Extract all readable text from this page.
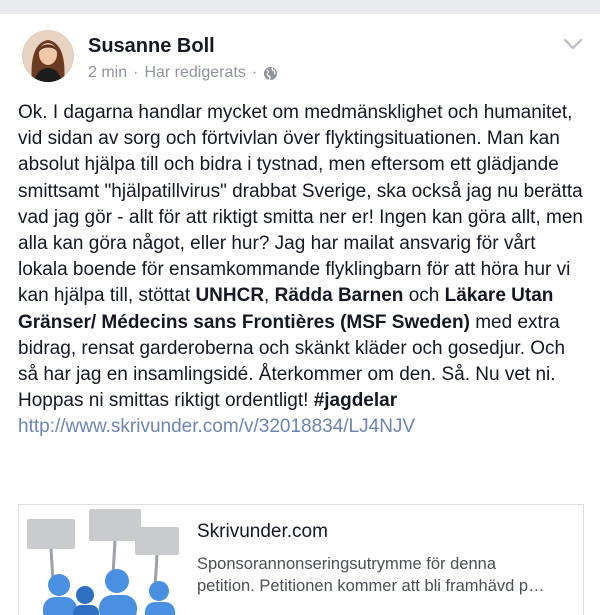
Susanne Boll
2 min · Har redigerats ·
Ok. I dagarna handlar mycket om medmänsklighet och humanitet, vid sidan av sorg och förtvivlan över flyktingsituationen. Man kan absolut hjälpa till och bidra i tystnad, men eftersom ett glädjande smittsamt "hjälpatillvirus" drabbat Sverige, ska också jag nu berätta vad jag gör - allt för att riktigt smitta ner er! Ingen kan göra allt, men alla kan göra något, eller hur? Jag har mailat ansvarig för vårt lokala boende för ensamkommande flyklingbarn för att höra hur vi kan hjälpa till, stöttat UNHCR, Rädda Barnen och Läkare Utan Gränser/ Médecins sans Frontières (MSF Sweden) med extra bidrag, rensat garderoberna och skänkt kläder och gosedjur. Och så har jag en insamlingsidé. Återkommer om den. Så. Nu vet ni. Hoppas ni smittas riktigt ordentligt! #jagdelar http://www.skrivunder.com/v/32018834/LJ4NJV
Skrivunder.com
Sponsorannonseringsutrymme för denna
petition. Petitionen kommer att bli framhävd p…
